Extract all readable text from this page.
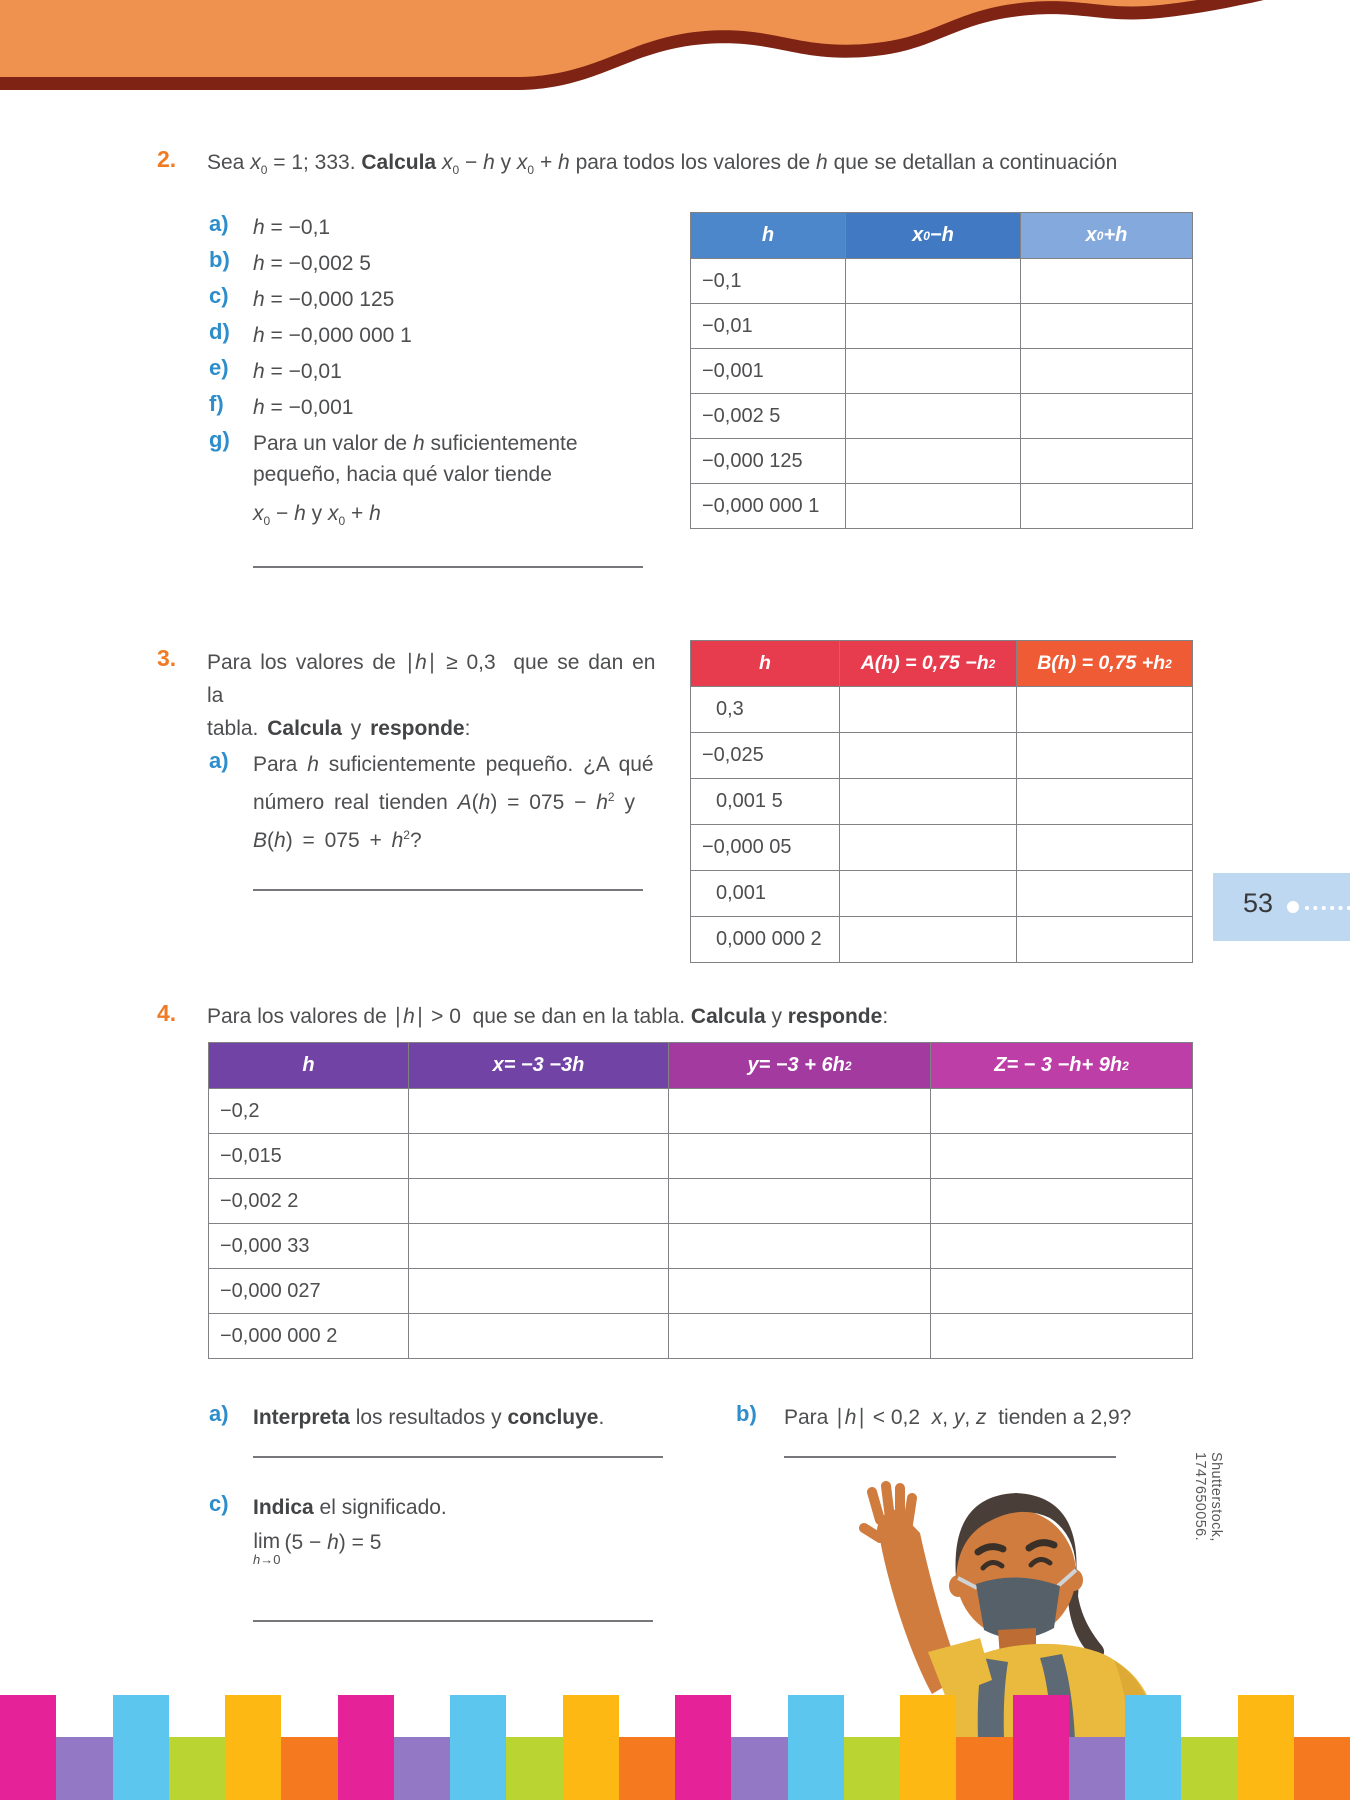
2. Sea $x_0 = 1$; 333. Calcula $x_0 - h$ y $x_0 + h$ para todos los valores de h que se detallan a continuación
a) h = −0,1
b) h = −0,002 5
c) h = −0,000 125
d) h = −0,000 000 1
e) h = −0,01
f) h = −0,001
g) Para un valor de h suficientemente pequeño, hacia qué valor tiende
$x_0 - h$ y $x_0 + h$
h	x 0 − h	x 0 + h
−0,1
−0,01
−0,001
−0,002 5
−0,000 125
−0,000 000 1
3. Para los valores de ∣h∣ ≥ 0,3  que se dan en la
tabla. Calcula y responde:
a) Para h suficientemente pequeño. ¿A qué número real tienden $A(h) = 075 - h^2$ y $B(h) = 075 + h^2$?
h	A ( h ) = 0,75 − h 2	B( h ) = 0,75 + h 2
0,3
−0,025
0,001 5
−0,000 05
0,001
0,000 000 2
53
4. Para los valores de ∣h∣ > 0  que se dan en la tabla. Calcula y responde:
h	x = −3 −3 h	y = −3 + 6 h 2	Z = − 3 − h + 9 h 2
−0,2
−0,015
−0,002 2
−0,000 33
−0,000 027
−0,000 000 2
a) Interpreta los resultados y concluye.	b) Para ∣h∣ < 0,2  x, y, z  tienden a 2,9?
c) Indica el significado.
lim
h→0
(5 − h) = 5
Shutterstock, 1747650056.
